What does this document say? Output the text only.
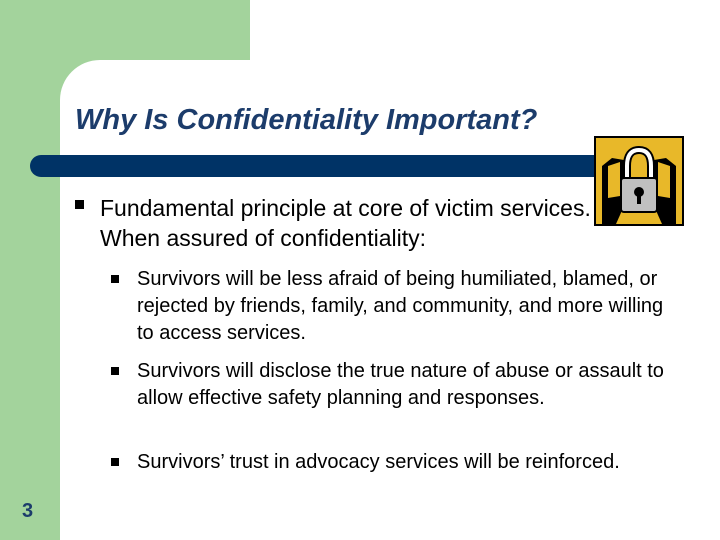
Why Is Confidentiality Important?
Fundamental principle at core of victim services. When assured of confidentiality:
Survivors will be less afraid of being humiliated, blamed, or rejected by friends, family, and community, and more willing to access services.
Survivors will disclose the true nature of abuse or assault to allow effective safety planning and responses.
Survivors’ trust in advocacy services will be reinforced.
3
